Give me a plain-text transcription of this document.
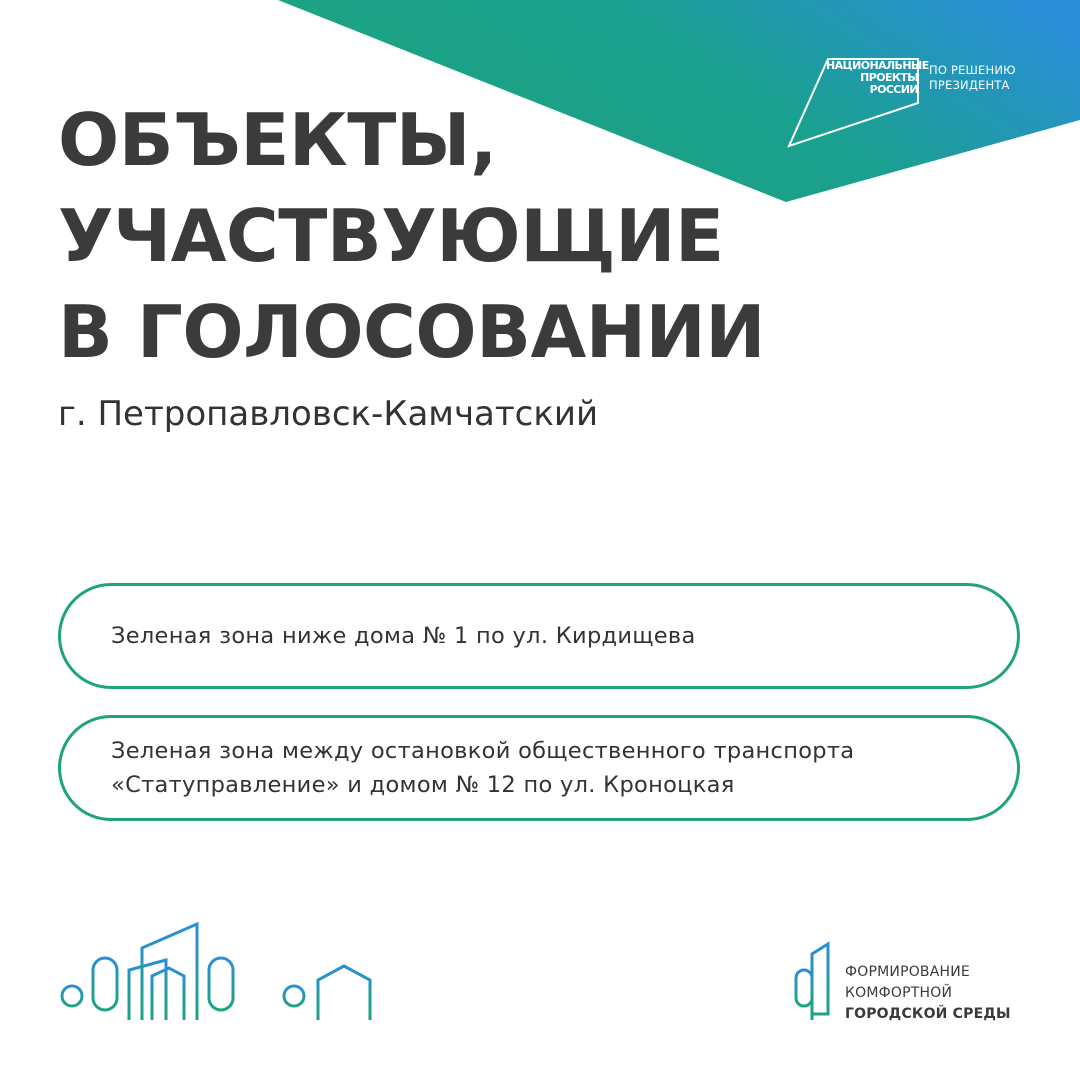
НАЦИОНАЛЬНЫЕ
ПРОЕКТЫ
РОССИИ
ПО РЕШЕНИЮ
ПРЕЗИДЕНТА
ОБЪЕКТЫ,
УЧАСТВУЮЩИЕ
В ГОЛОСОВАНИИ
г. Петропавловск-Камчатский
Зеленая зона ниже дома № 1 по ул. Кирдищева
Зеленая зона между остановкой общественного транспорта
«Статуправление» и домом № 12 по ул. Кроноцкая
ФОРМИРОВАНИЕ
КОМФОРТНОЙ
ГОРОДСКОЙ СРЕДЫ
